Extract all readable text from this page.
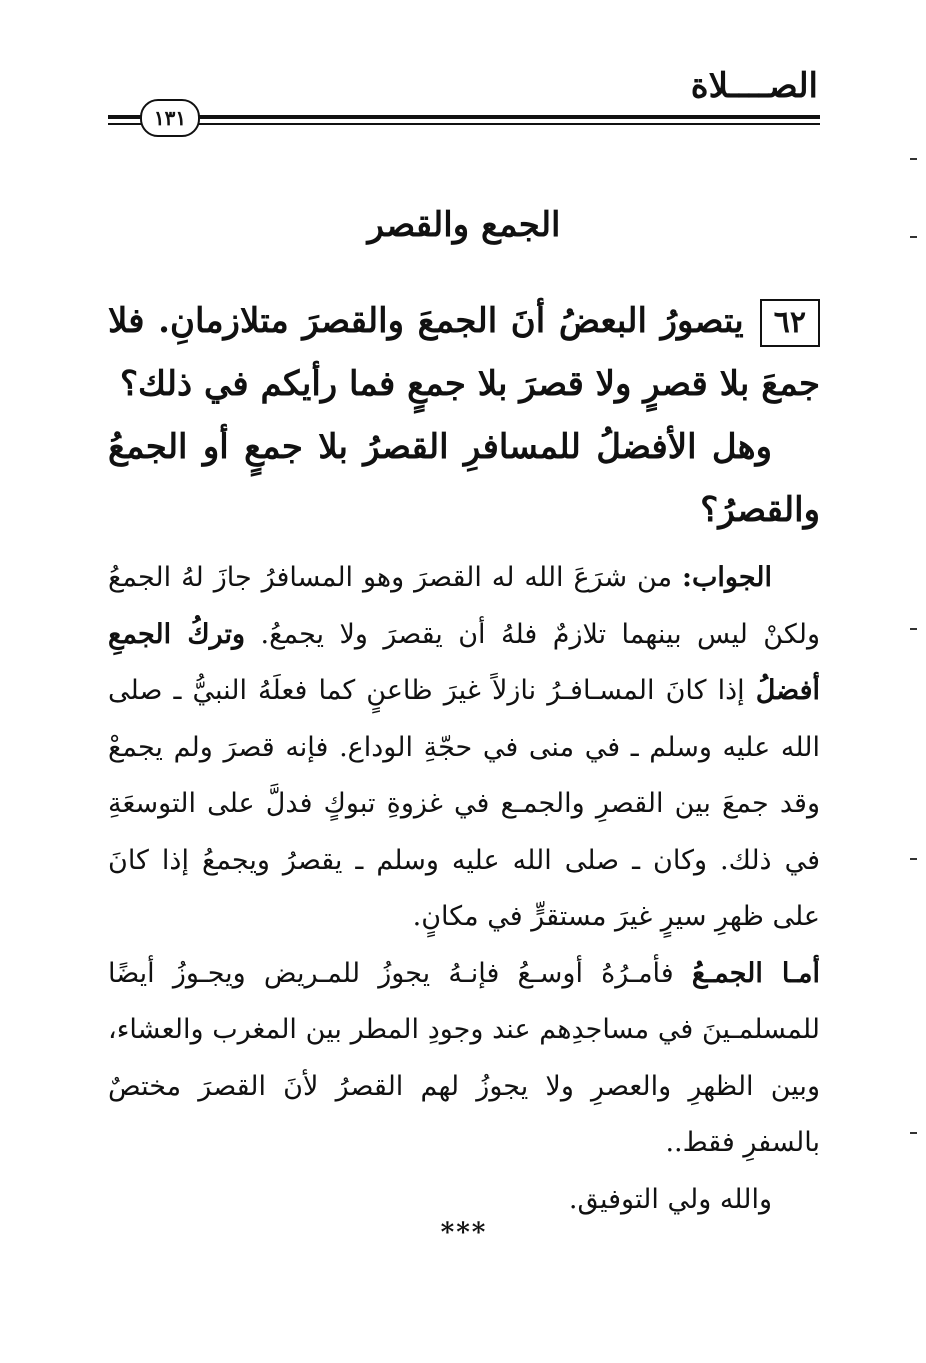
الصــــلاة
١٣١
الجمع والقصر

٦٢يتصورُ البعضُ أنَ الجمعَ والقصرَ متلازمانِ. فلا جمعَ بلا قصرٍ ولا قصرَ بلا جمعٍ فما رأيكم في ذلك؟

وهل الأفضلُ للمسافرِ القصرُ بلا جمعٍ أو الجمعُ والقصرُ؟

الجواب: من شرَعَ الله له القصرَ وهو المسافرُ جازَ لهُ الجمعُ ولكنْ ليس بينهما تلازمٌ فلهُ أن يقصرَ ولا يجمعُ. وتركُ الجمعِ أفضلُ إذا كانَ المسـافـرُ نازلاً غيرَ ظاعنٍ كما فعلَهُ النبيُّ ـ صلى الله عليه وسلم ـ في منى في حجّةِ الوداع. فإنه قصرَ ولم يجمعْ وقد جمعَ بين القصرِ والجمـع في غزوةِ تبوكٍ فدلَّ على التوسعَةِ في ذلك. وكان ـ صلى الله عليه وسلم ـ يقصرُ ويجمعُ إذا كانَ على ظهرِ سيرٍ غيرَ مستقرٍّ في مكانٍ.

أمـا الجمـعُ فأمـرُهُ أوسـعُ فإنـهُ يجوزُ للمـريض ويجـوزُ أيضًا للمسلمـينَ في مساجدِهم عند وجودِ المطر بين المغرب والعشاء، وبين الظهرِ والعصرِ ولا يجوزُ لهم القصرُ لأنَ القصرَ مختصٌ بالسفرِ فقط..

والله ولي التوفيق.

***
